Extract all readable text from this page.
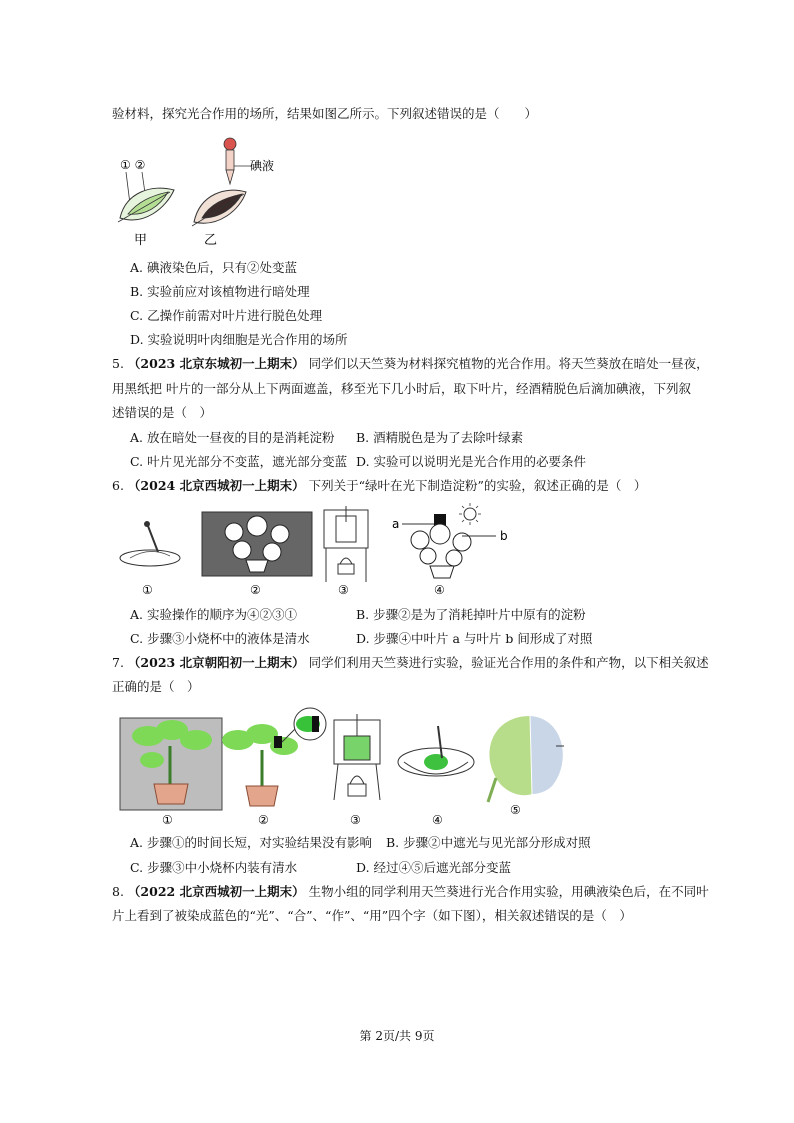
验材料，探究光合作用的场所，结果如图乙所示。下列叙述错误的是（　　）
① ②
甲
碘液
乙
A. 碘液染色后，只有②处变蓝
B. 实验前应对该植物进行暗处理
C. 乙操作前需对叶片进行脱色处理
D. 实验说明叶肉细胞是光合作用的场所
5. （2023 北京东城初一上期末） 同学们以天竺葵为材料探究植物的光合作用。将天竺葵放在暗处一昼夜，
用黑纸把 叶片的一部分从上下两面遮盖，移至光下几小时后，取下叶片，经酒精脱色后滴加碘液，下列叙
述错误的是（　）
A. 放在暗处一昼夜的目的是消耗淀粉 B. 酒精脱色是为了去除叶绿素
C. 叶片见光部分不变蓝，遮光部分变蓝 D. 实验可以说明光是光合作用的必要条件
6. （2024 北京西城初一上期末） 下列关于“绿叶在光下制造淀粉”的实验，叙述正确的是（　）
a
b
①	②	③	④
A. 实验操作的顺序为④②③①	B. 步骤②是为了消耗掉叶片中原有的淀粉
C. 步骤③小烧杯中的液体是清水	D. 步骤④中叶片 a 与叶片 b 间形成了对照
7. （2023 北京朝阳初一上期末） 同学们利用天竺葵进行实验，验证光合作用的条件和产物，以下相关叙述
正确的是（　）
①	②	③	④
⑤
A. 步骤①的时间长短，对实验结果没有影响 B. 步骤②中遮光与见光部分形成对照
C. 步骤③中小烧杯内装有清水	D. 经过④⑤后遮光部分变蓝
8. （2022 北京西城初一上期末） 生物小组的同学利用天竺葵进行光合作用实验，用碘液染色后，在不同叶
片上看到了被染成蓝色的“光”、“合”、“作”、“用”四个字（如下图），相关叙述错误的是（　）
第 2页/共 9页
